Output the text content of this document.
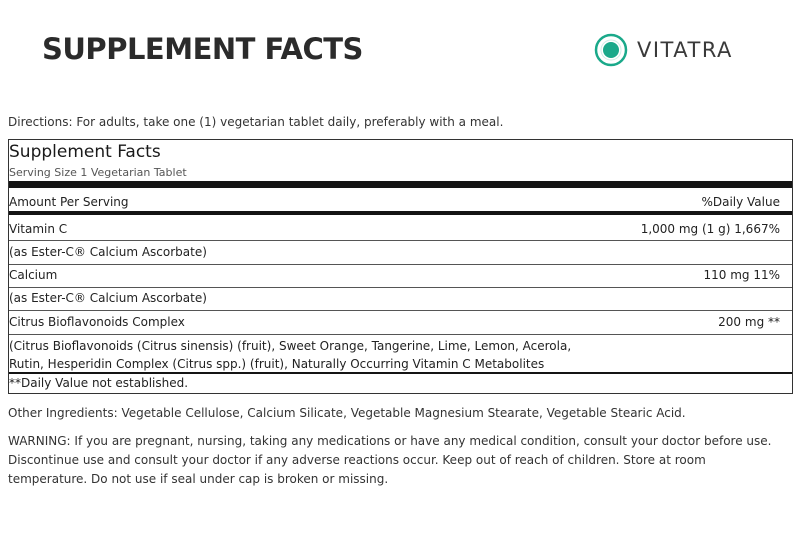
SUPPLEMENT FACTS	VITATRA
Directions: For adults, take one (1) vegetarian tablet daily, preferably with a meal.
Supplement Facts
Serving Size 1 Vegetarian Tablet
Amount Per Serving	%Daily Value
Vitamin C	1,000 mg (1 g) 1,667%
(as Ester-C® Calcium Ascorbate)
Calcium	110 mg 11%
(as Ester-C® Calcium Ascorbate)
Citrus Bioflavonoids Complex	200 mg **
(Citrus Bioflavonoids (Citrus sinensis) (fruit), Sweet Orange, Tangerine, Lime, Lemon, Acerola,
Rutin, Hesperidin Complex (Citrus spp.) (fruit), Naturally Occurring Vitamin C Metabolites
**Daily Value not established.
Other Ingredients: Vegetable Cellulose, Calcium Silicate, Vegetable Magnesium Stearate, Vegetable Stearic Acid.
WARNING: If you are pregnant, nursing, taking any medications or have any medical condition, consult your doctor before use. Discontinue use and consult your doctor if any adverse reactions occur. Keep out of reach of children. Store at room temperature. Do not use if seal under cap is broken or missing.
